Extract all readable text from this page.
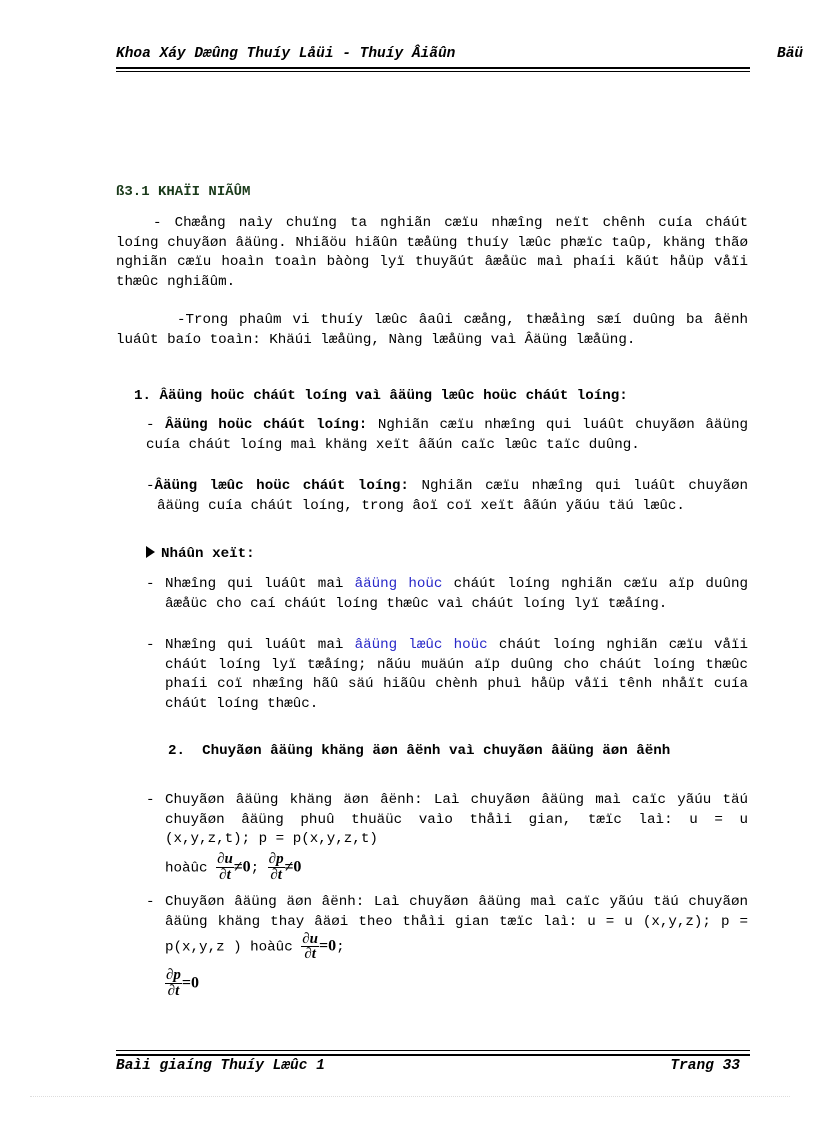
Khoa Xáy Dæûng Thuíy Låüi - Thuíy Âiãûn	Bäü
ß3.1 KHAÏI NIÃÛM
- Chæång naìy chuïng ta nghiãn cæïu nhæîng neït chênh cuía cháút loíng chuyãøn âäüng. Nhiãöu hiãûn tæåüng thuíy læûc phæïc taûp, khäng thãø nghiãn cæïu hoaìn toaìn bàòng lyï thuyãút âæåüc maì phaíi kãút håüp våïi thæûc nghiãûm.
-Trong phaûm vi thuíy læûc âaûi cæång, thæåìng sæí duûng ba âënh luáût baío toaìn: Khäúi læåüng, Nàng læåüng vaì Âäüng læåüng.
1. Âäüng hoüc cháút loíng vaì âäüng læûc hoüc cháút loíng:
- Âäüng hoüc cháút loíng: Nghiãn cæïu nhæîng qui luáût chuyãøn âäüng cuía cháút loíng maì khäng xeït âãún caïc læûc taïc duûng.
-Âäüng læûc hoüc cháút loíng: Nghiãn cæïu nhæîng qui luáût chuyãøn âäüng cuía cháút loíng, trong âoï coï xeït âãún yãúu täú læûc.
Nháûn xeït:
- Nhæîng qui luáût maì âäüng hoüc cháút loíng nghiãn cæïu aïp duûng âæåüc cho caí cháút loíng thæûc vaì cháút loíng lyï tæåíng.
- Nhæîng qui luáût maì âäüng læûc hoüc cháút loíng nghiãn cæïu våïi cháút loíng lyï tæåíng; nãúu muäún aïp duûng cho cháút loíng thæûc phaíi coï nhæîng hãû säú hiãûu chènh phuì håüp våïi tênh nhåït cuía cháút loíng thæûc.
2. Chuyãøn âäüng khäng äøn âënh vaì chuyãøn âäüng äøn âënh
- Chuyãøn âäüng khäng äøn âënh: Laì chuyãøn âäüng maì caïc yãúu täú chuyãøn âäüng phuû thuäüc vaìo thåìi gian, tæïc laì: u = u (x,y,z,t); p = p(x,y,z,t)
hoàûc $\frac{\partial u}{\partial t} \ne 0$; $\frac{\partial p}{\partial t} \ne 0$
- Chuyãøn âäüng äøn âënh: Laì chuyãøn âäüng maì caïc yãúu täú chuyãøn âäüng khäng thay âäøi theo thåìi gian tæïc laì: u = u (x,y,z); p = p(x,y,z ) hoàûc $\frac{\partial u}{\partial t} =0$;
$\frac{\partial p}{\partial t} =0$
Baìi giaíng Thuíy Læûc 1	Trang 33
